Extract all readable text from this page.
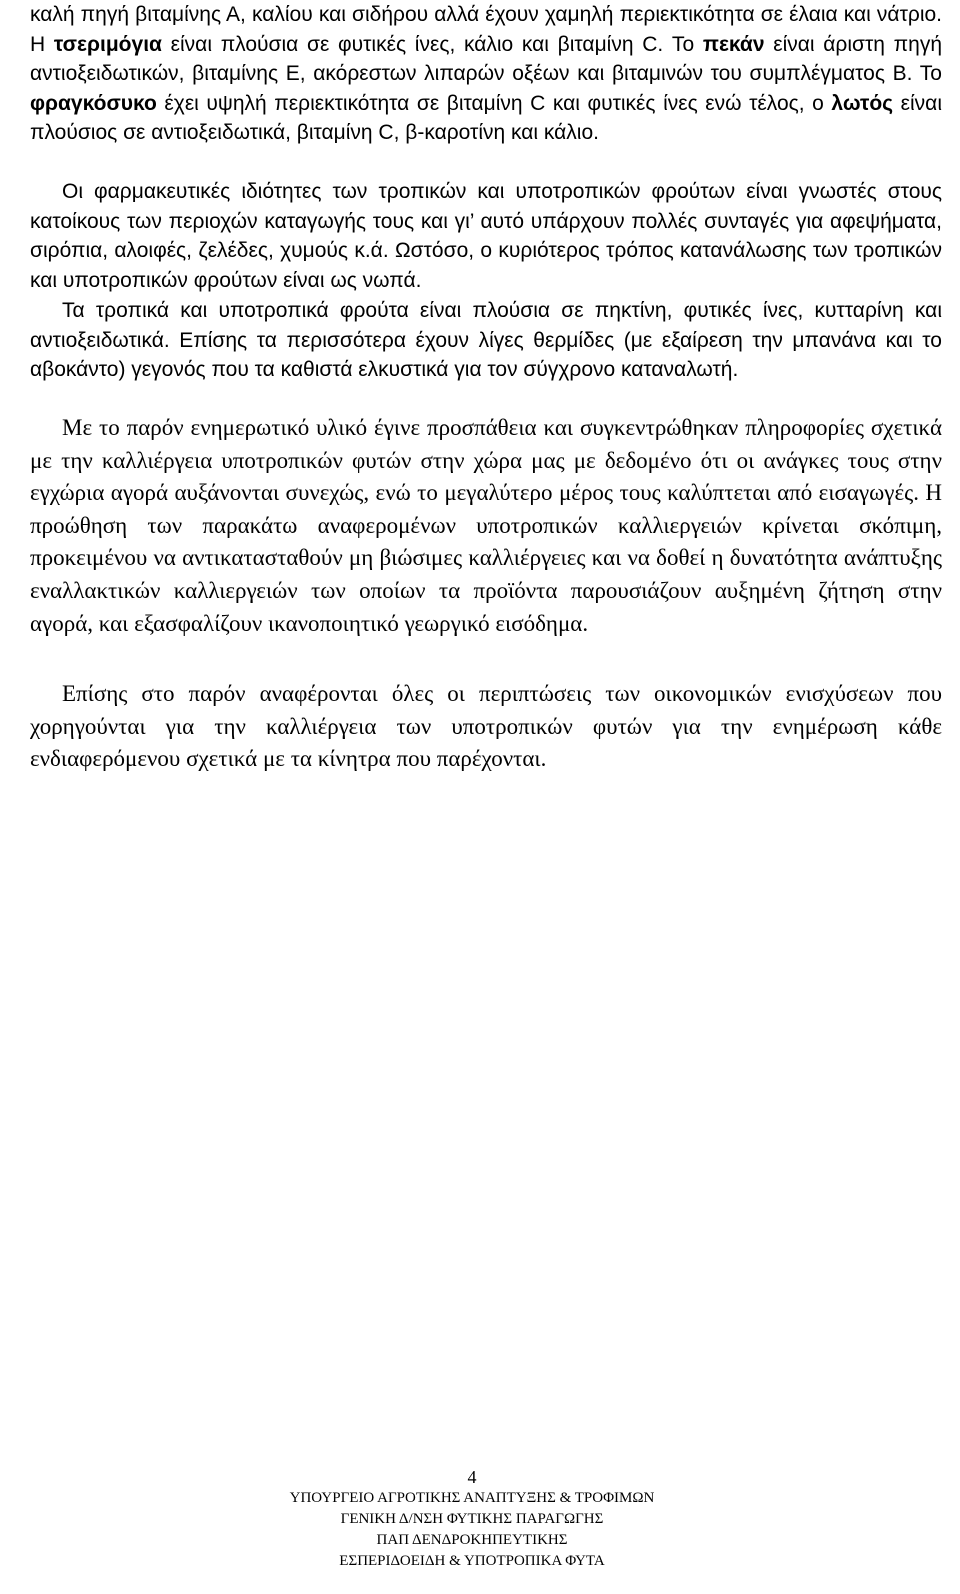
καλή πηγή βιταμίνης Α, καλίου και σιδήρου αλλά έχουν χαμηλή περιεκτικότητα σε έλαια και νάτριο. Η τσεριμόγια είναι πλούσια σε φυτικές ίνες, κάλιο και βιταμίνη C. Το πεκάν είναι άριστη πηγή αντιοξειδωτικών, βιταμίνης Ε, ακόρεστων λιπαρών οξέων και βιταμινών του συμπλέγματος Β. Το φραγκόσυκο έχει υψηλή περιεκτικότητα σε βιταμίνη C και φυτικές ίνες ενώ τέλος, ο λωτός είναι πλούσιος σε αντιοξειδωτικά, βιταμίνη C, β-καροτίνη και κάλιο.

Οι φαρμακευτικές ιδιότητες των τροπικών και υποτροπικών φρούτων είναι γνωστές στους κατοίκους των περιοχών καταγωγής τους και γι’ αυτό υπάρχουν πολλές συνταγές για αφεψήματα, σιρόπια, αλοιφές, ζελέδες, χυμούς κ.ά. Ωστόσο, ο κυριότερος τρόπος κατανάλωσης των τροπικών και υποτροπικών φρούτων είναι ως νωπά.

Τα τροπικά και υποτροπικά φρούτα είναι πλούσια σε πηκτίνη, φυτικές ίνες, κυτταρίνη και αντιοξειδωτικά. Επίσης τα περισσότερα έχουν λίγες θερμίδες (με εξαίρεση την μπανάνα και το αβοκάντο) γεγονός που τα καθιστά ελκυστικά για τον σύγχρονο καταναλωτή.

Με το παρόν ενημερωτικό υλικό έγινε προσπάθεια και συγκεντρώθηκαν πληροφορίες σχετικά με την καλλιέργεια υποτροπικών φυτών στην χώρα μας με δεδομένο ότι οι ανάγκες τους στην εγχώρια αγορά αυξάνονται συνεχώς, ενώ το μεγαλύτερο μέρος τους καλύπτεται από εισαγωγές. Η προώθηση των παρακάτω αναφερομένων υποτροπικών καλλιεργειών κρίνεται σκόπιμη, προκειμένου να αντικατασταθούν μη βιώσιμες καλλιέργειες και να δοθεί η δυνατότητα ανάπτυξης εναλλακτικών καλλιεργειών των οποίων τα προϊόντα παρουσιάζουν αυξημένη ζήτηση στην αγορά, και εξασφαλίζουν ικανοποιητικό γεωργικό εισόδημα.

Επίσης στο παρόν αναφέρονται όλες οι περιπτώσεις των οικονομικών ενισχύσεων που χορηγούνται για την καλλιέργεια των υποτροπικών φυτών για την ενημέρωση κάθε ενδιαφερόμενου σχετικά με τα κίνητρα που παρέχονται.

4
ΥΠΟΥΡΓΕΙΟ ΑΓΡΟΤΙΚΗΣ ΑΝΑΠΤΥΞΗΣ & ΤΡΟΦΙΜΩΝ
ΓΕΝΙΚΗ Δ/ΝΣΗ ΦΥΤΙΚΗΣ ΠΑΡΑΓΩΓΗΣ
ΠΑΠ ΔΕΝΔΡΟΚΗΠΕΥΤΙΚΗΣ
ΕΣΠΕΡΙΔΟΕΙΔΗ & ΥΠΟΤΡΟΠΙΚΑ ΦΥΤΑ
